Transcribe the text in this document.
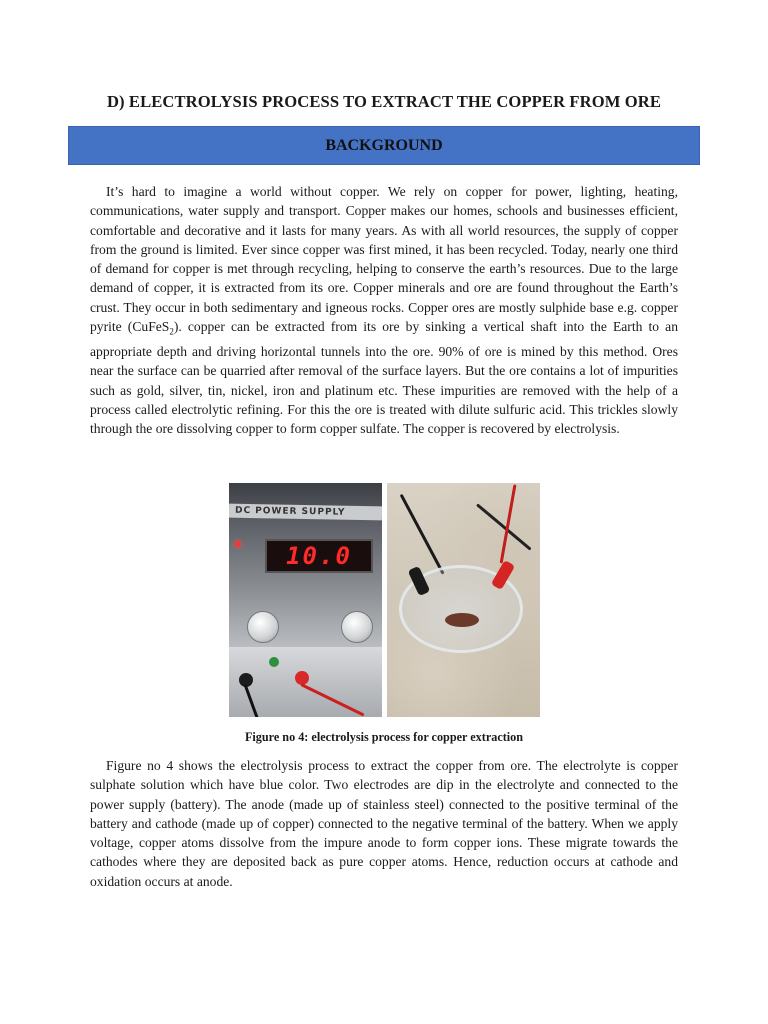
D) ELECTROLYSIS PROCESS TO EXTRACT THE COPPER FROM ORE
BACKGROUND

It’s hard to imagine a world without copper. We rely on copper for power, lighting, heating, communications, water supply and transport. Copper makes our homes, schools and businesses efficient, comfortable and decorative and it lasts for many years. As with all world resources, the supply of copper from the ground is limited. Ever since copper was first mined, it has been recycled. Today, nearly one third of demand for copper is met through recycling, helping to conserve the earth’s resources. Due to the large demand of copper, it is extracted from its ore. Copper minerals and ore are found throughout the Earth’s crust. They occur in both sedimentary and igneous rocks. Copper ores are mostly sulphide base e.g. copper pyrite (CuFeS$_2$). copper can be extracted from its ore by sinking a vertical shaft into the Earth to an appropriate depth and driving horizontal tunnels into the ore. 90% of ore is mined by this method. Ores near the surface can be quarried after removal of the surface layers. But the ore contains a lot of impurities such as gold, silver, tin, nickel, iron and platinum etc. These impurities are removed with the help of a process called electrolytic refining. For this the ore is treated with dilute sulfuric acid. This trickles slowly through the ore dissolving copper to form copper sulfate. The copper is recovered by electrolysis.

DC POWER SUPPLY
10.0
Figure no 4: electrolysis process for copper extraction

Figure no 4 shows the electrolysis process to extract the copper from ore. The electrolyte is copper sulphate solution which have blue color. Two electrodes are dip in the electrolyte and connected to the power supply (battery). The anode (made up of stainless steel) connected to the positive terminal of the battery and cathode (made up of copper) connected to the negative terminal of the battery. When we apply voltage, copper atoms dissolve from the impure anode to form copper ions. These migrate towards the cathodes where they are deposited back as pure copper atoms. Hence, reduction occurs at cathode and oxidation occurs at anode.
